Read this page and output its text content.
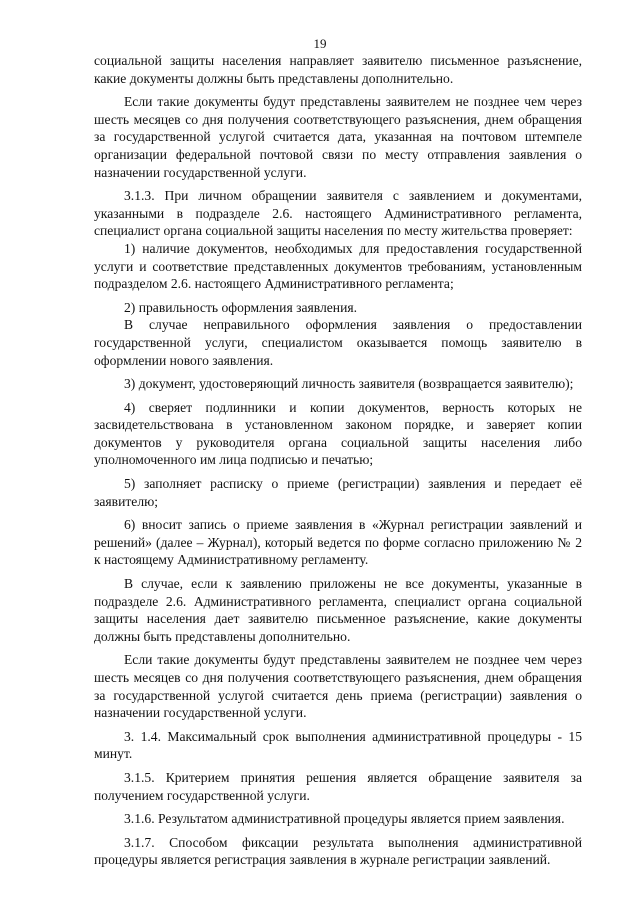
19

социальной защиты населения направляет заявителю письменное разъяснение, какие документы должны быть представлены дополнительно.

Если такие документы будут представлены заявителем не позднее чем через шесть месяцев со дня получения соответствующего разъяснения, днем обращения за государственной услугой считается дата, указанная на почтовом штемпеле организации федеральной почтовой связи по месту отправления заявления о назначении государственной услуги.

3.1.3. При личном обращении заявителя с заявлением и документами, указанными в подразделе 2.6. настоящего Административного регламента, специалист органа социальной защиты населения по месту жительства проверяет:

1) наличие документов, необходимых для предоставления государственной услуги и соответствие представленных документов требованиям, установленным подразделом 2.6. настоящего Административного регламента;

2) правильность оформления заявления.

В случае неправильного оформления заявления о предоставлении государственной услуги, специалистом оказывается помощь заявителю в оформлении нового заявления.

3) документ, удостоверяющий личность заявителя (возвращается заявителю);

4) сверяет подлинники и копии документов, верность которых не засвидетельствована в установленном законом порядке, и заверяет копии документов у руководителя органа социальной защиты населения либо уполномоченного им лица подписью и печатью;

5) заполняет расписку о приеме (регистрации) заявления и передает её заявителю;

6) вносит запись о приеме заявления в «Журнал регистрации заявлений и решений» (далее – Журнал), который ведется по форме согласно приложению № 2 к настоящему Административному регламенту.

В случае, если к заявлению приложены не все документы, указанные в подразделе 2.6. Административного регламента, специалист органа социальной защиты населения дает заявителю письменное разъяснение, какие документы должны быть представлены дополнительно.

Если такие документы будут представлены заявителем не позднее чем через шесть месяцев со дня получения соответствующего разъяснения, днем обращения за государственной услугой считается день приема (регистрации) заявления о назначении государственной услуги.

3. 1.4. Максимальный срок выполнения административной процедуры - 15 минут.

3.1.5. Критерием принятия решения является обращение заявителя за получением государственной услуги.

3.1.6. Результатом административной процедуры является прием заявления.

3.1.7. Способом фиксации результата выполнения административной процедуры является регистрация заявления в журнале регистрации заявлений.
